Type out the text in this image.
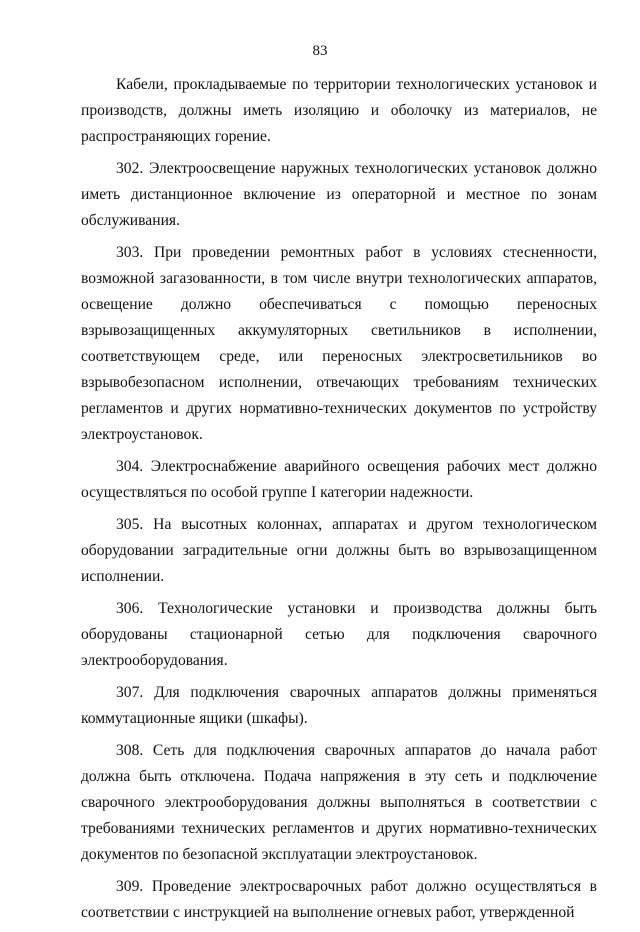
83

Кабели, прокладываемые по территории технологических установок и производств, должны иметь изоляцию и оболочку из материалов, не распространяющих горение.

302. Электроосвещение наружных технологических установок должно иметь дистанционное включение из операторной и местное по зонам обслуживания.

303. При проведении ремонтных работ в условиях стесненности, возможной загазованности, в том числе внутри технологических аппаратов, освещение должно обеспечиваться с помощью переносных взрывозащищенных аккумуляторных светильников в исполнении, соответствующем среде, или переносных электросветильников во взрывобезопасном исполнении, отвечающих требованиям технических регламентов и других нормативно-технических документов по устройству электроустановок.

304. Электроснабжение аварийного освещения рабочих мест должно осуществляться по особой группе I категории надежности.

305. На высотных колоннах, аппаратах и другом технологическом оборудовании заградительные огни должны быть во взрывозащищенном исполнении.

306. Технологические установки и производства должны быть оборудованы стационарной сетью для подключения сварочного электрооборудования.

307. Для подключения сварочных аппаратов должны применяться коммутационные ящики (шкафы).

308. Сеть для подключения сварочных аппаратов до начала работ должна быть отключена. Подача напряжения в эту сеть и подключение сварочного электрооборудования должны выполняться в соответствии с требованиями технических регламентов и других нормативно-технических документов по безопасной эксплуатации электроустановок.

309. Проведение электросварочных работ должно осуществляться в соответствии с инструкцией на выполнение огневых работ, утвержденной
